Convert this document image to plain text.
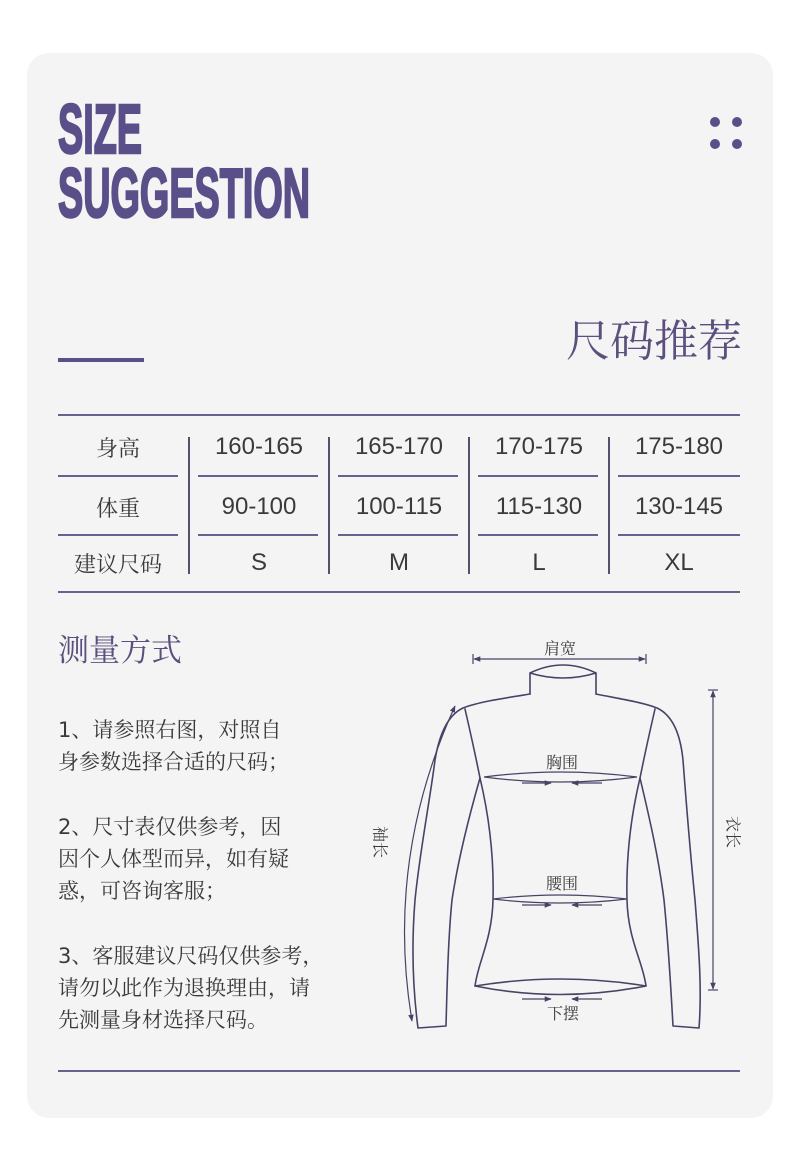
SIZE
SUGGESTION
尺码推荐
身高	160-165	165-170	170-175	175-180
体重	90-100	100-115	115-130	130-145
建议尺码	S	M	L	XL
测量方式
1、请参照右图，对照自
身参数选择合适的尺码；
2、尺寸表仅供参考，因
因个人体型而异，如有疑
惑，可咨询客服；
3、客服建议尺码仅供参考，
请勿以此作为退换理由，请
先测量身材选择尺码。
肩宽
胸围
腰围
下摆
衣长
袖长
